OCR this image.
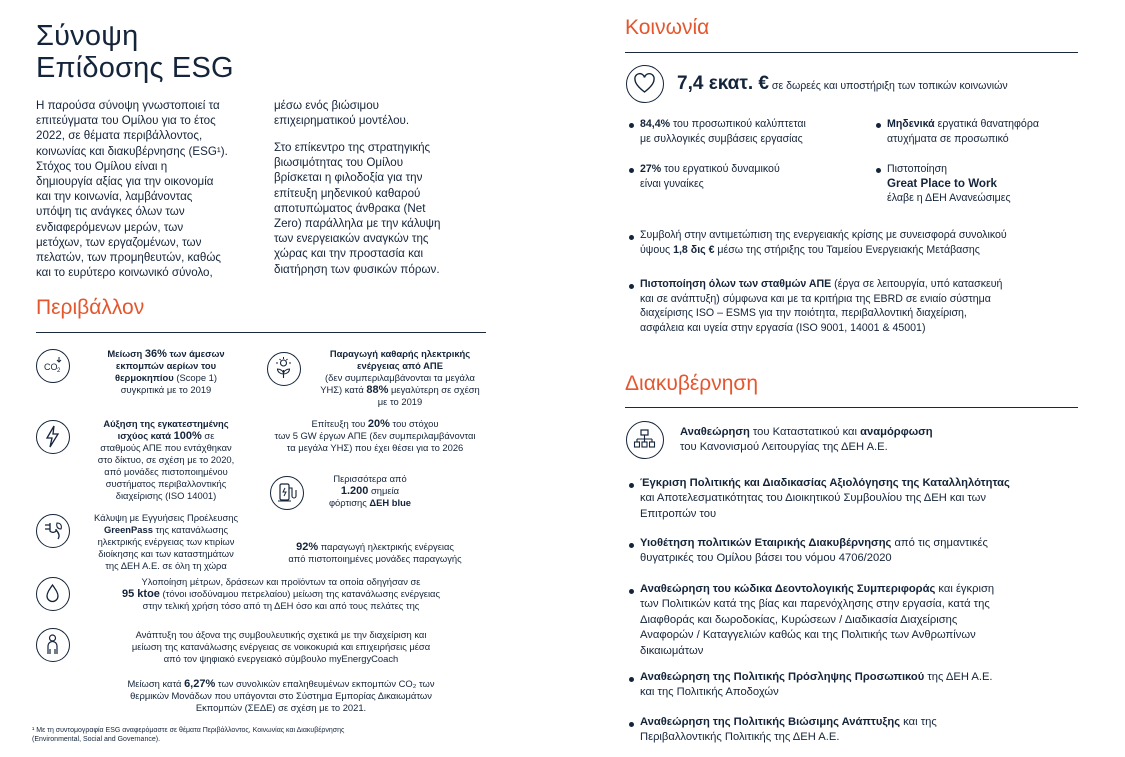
Σύνοψη
Επίδοσης ESG
Η παρούσα σύνοψη γνωστοποιεί τα
επιτεύγματα του Ομίλου για το έτος
2022, σε θέματα περιβάλλοντος,
κοινωνίας και διακυβέρνησης (ESG¹).
Στόχος του Ομίλου είναι η
δημιουργία αξίας για την οικονομία
και την κοινωνία, λαμβάνοντας
υπόψη τις ανάγκες όλων των
ενδιαφερόμενων μερών, των
μετόχων, των εργαζομένων, των
πελατών, των προμηθευτών, καθώς
και το ευρύτερο κοινωνικό σύνολο,
μέσω ενός βιώσιμου
επιχειρηματικού μοντέλου.
Στο επίκεντρο της στρατηγικής
βιωσιμότητας του Ομίλου
βρίσκεται η φιλοδοξία για την
επίτευξη μηδενικού καθαρού
αποτυπώματος άνθρακα (Net
Zero) παράλληλα με την κάλυψη
των ενεργειακών αναγκών της
χώρας και την προστασία και
διατήρηση των φυσικών πόρων.
Περιβάλλον
CO 2
Μείωση 36% των άμεσων
εκπομπών αερίων του
θερμοκηπίου (Scope 1)
συγκριτικά με το 2019
Αύξηση της εγκατεστημένης
ισχύος κατά 100% σε
σταθμούς ΑΠΕ που εντάχθηκαν
στο δίκτυο, σε σχέση με το 2020,
από μονάδες πιστοποιημένου
συστήματος περιβαλλοντικής
διαχείρισης (ISO 14001)
Κάλυψη με Εγγυήσεις Προέλευσης
GreenPass της κατανάλωσης
ηλεκτρικής ενέργειας των κτιρίων
διοίκησης και των καταστημάτων
της ΔΕΗ Α.Ε. σε όλη τη χώρα
Παραγωγή καθαρής ηλεκτρικής
ενέργειας από ΑΠΕ
(δεν συμπεριλαμβάνονται τα μεγάλα
ΥΗΣ) κατά 88% μεγαλύτερη σε σχέση
με το 2019
Επίτευξη του 20% του στόχου
των 5 GW έργων ΑΠΕ (δεν συμπεριλαμβάνονται
τα μεγάλα ΥΗΣ) που έχει θέσει για το 2026
Περισσότερα από
1.200 σημεία
φόρτισης ΔΕΗ blue
92% παραγωγή ηλεκτρικής ενέργειας
από πιστοποιημένες μονάδες παραγωγής
Υλοποίηση μέτρων, δράσεων και προϊόντων τα οποία οδηγήσαν σε
95 ktoe (τόνοι ισοδύναμου πετρελαίου) μείωση της κατανάλωσης ενέργειας
στην τελική χρήση τόσο από τη ΔΕΗ όσο και από τους πελάτες της
Ανάπτυξη του άξονα της συμβουλευτικής σχετικά με την διαχείριση και
μείωση της κατανάλωσης ενέργειας σε νοικοκυριά και επιχειρήσεις μέσα
από τον ψηφιακό ενεργειακό σύμβουλο myEnergyCoach
Μείωση κατά 6,27% των συνολικών επαληθευμένων εκπομπών CO₂ των
θερμικών Μονάδων που υπάγονται στο Σύστημα Εμπορίας Δικαιωμάτων
Εκπομπών (ΣΕΔΕ) σε σχέση με το 2021.
¹ Με τη συντομογραφία ESG αναφερόμαστε σε θέματα Περιβάλλοντος, Κοινωνίας και Διακυβέρνησης
(Environmental, Social and Governance).
Κοινωνία
7,4 εκατ. € σε δωρεές και υποστήριξη των τοπικών κοινωνιών
84,4% του προσωπικού καλύπτεται
με συλλογικές συμβάσεις εργασίας
Μηδενικά εργατικά θανατηφόρα
ατυχήματα σε προσωπικό
27% του εργατικού δυναμικού
είναι γυναίκες
Πιστοποίηση
Great Place to Work
έλαβε η ΔΕΗ Ανανεώσιμες
Συμβολή στην αντιμετώπιση της ενεργειακής κρίσης με συνεισφορά συνολικού
ύψους 1,8 δις € μέσω της στήριξης του Ταμείου Ενεργειακής Μετάβασης
Πιστοποίηση όλων των σταθμών ΑΠΕ (έργα σε λειτουργία, υπό κατασκευή
και σε ανάπτυξη) σύμφωνα και με τα κριτήρια της EBRD σε ενιαίο σύστημα
διαχείρισης ISO – ESMS για την ποιότητα, περιβαλλοντική διαχείριση,
ασφάλεια και υγεία στην εργασία (ISO 9001, 14001 & 45001)
Διακυβέρνηση
Αναθεώρηση του Καταστατικού και αναμόρφωση
του Κανονισμού Λειτουργίας της ΔΕΗ Α.Ε.
Έγκριση Πολιτικής και Διαδικασίας Αξιολόγησης της Καταλληλότητας
και Αποτελεσματικότητας του Διοικητικού Συμβουλίου της ΔΕΗ και των
Επιτροπών του
Υιοθέτηση πολιτικών Εταιρικής Διακυβέρνησης από τις σημαντικές
θυγατρικές του Ομίλου βάσει του νόμου 4706/2020
Αναθεώρηση του κώδικα Δεοντολογικής Συμπεριφοράς και έγκριση
των Πολιτικών κατά της βίας και παρενόχλησης στην εργασία, κατά της
Διαφθοράς και δωροδοκίας, Κυρώσεων / Διαδικασία Διαχείρισης
Αναφορών / Καταγγελιών καθώς και της Πολιτικής των Ανθρωπίνων
δικαιωμάτων
Αναθεώρηση της Πολιτικής Πρόσληψης Προσωπικού της ΔΕΗ Α.Ε.
και της Πολιτικής Αποδοχών
Αναθεώρηση της Πολιτικής Βιώσιμης Ανάπτυξης και της
Περιβαλλοντικής Πολιτικής της ΔΕΗ Α.Ε.
